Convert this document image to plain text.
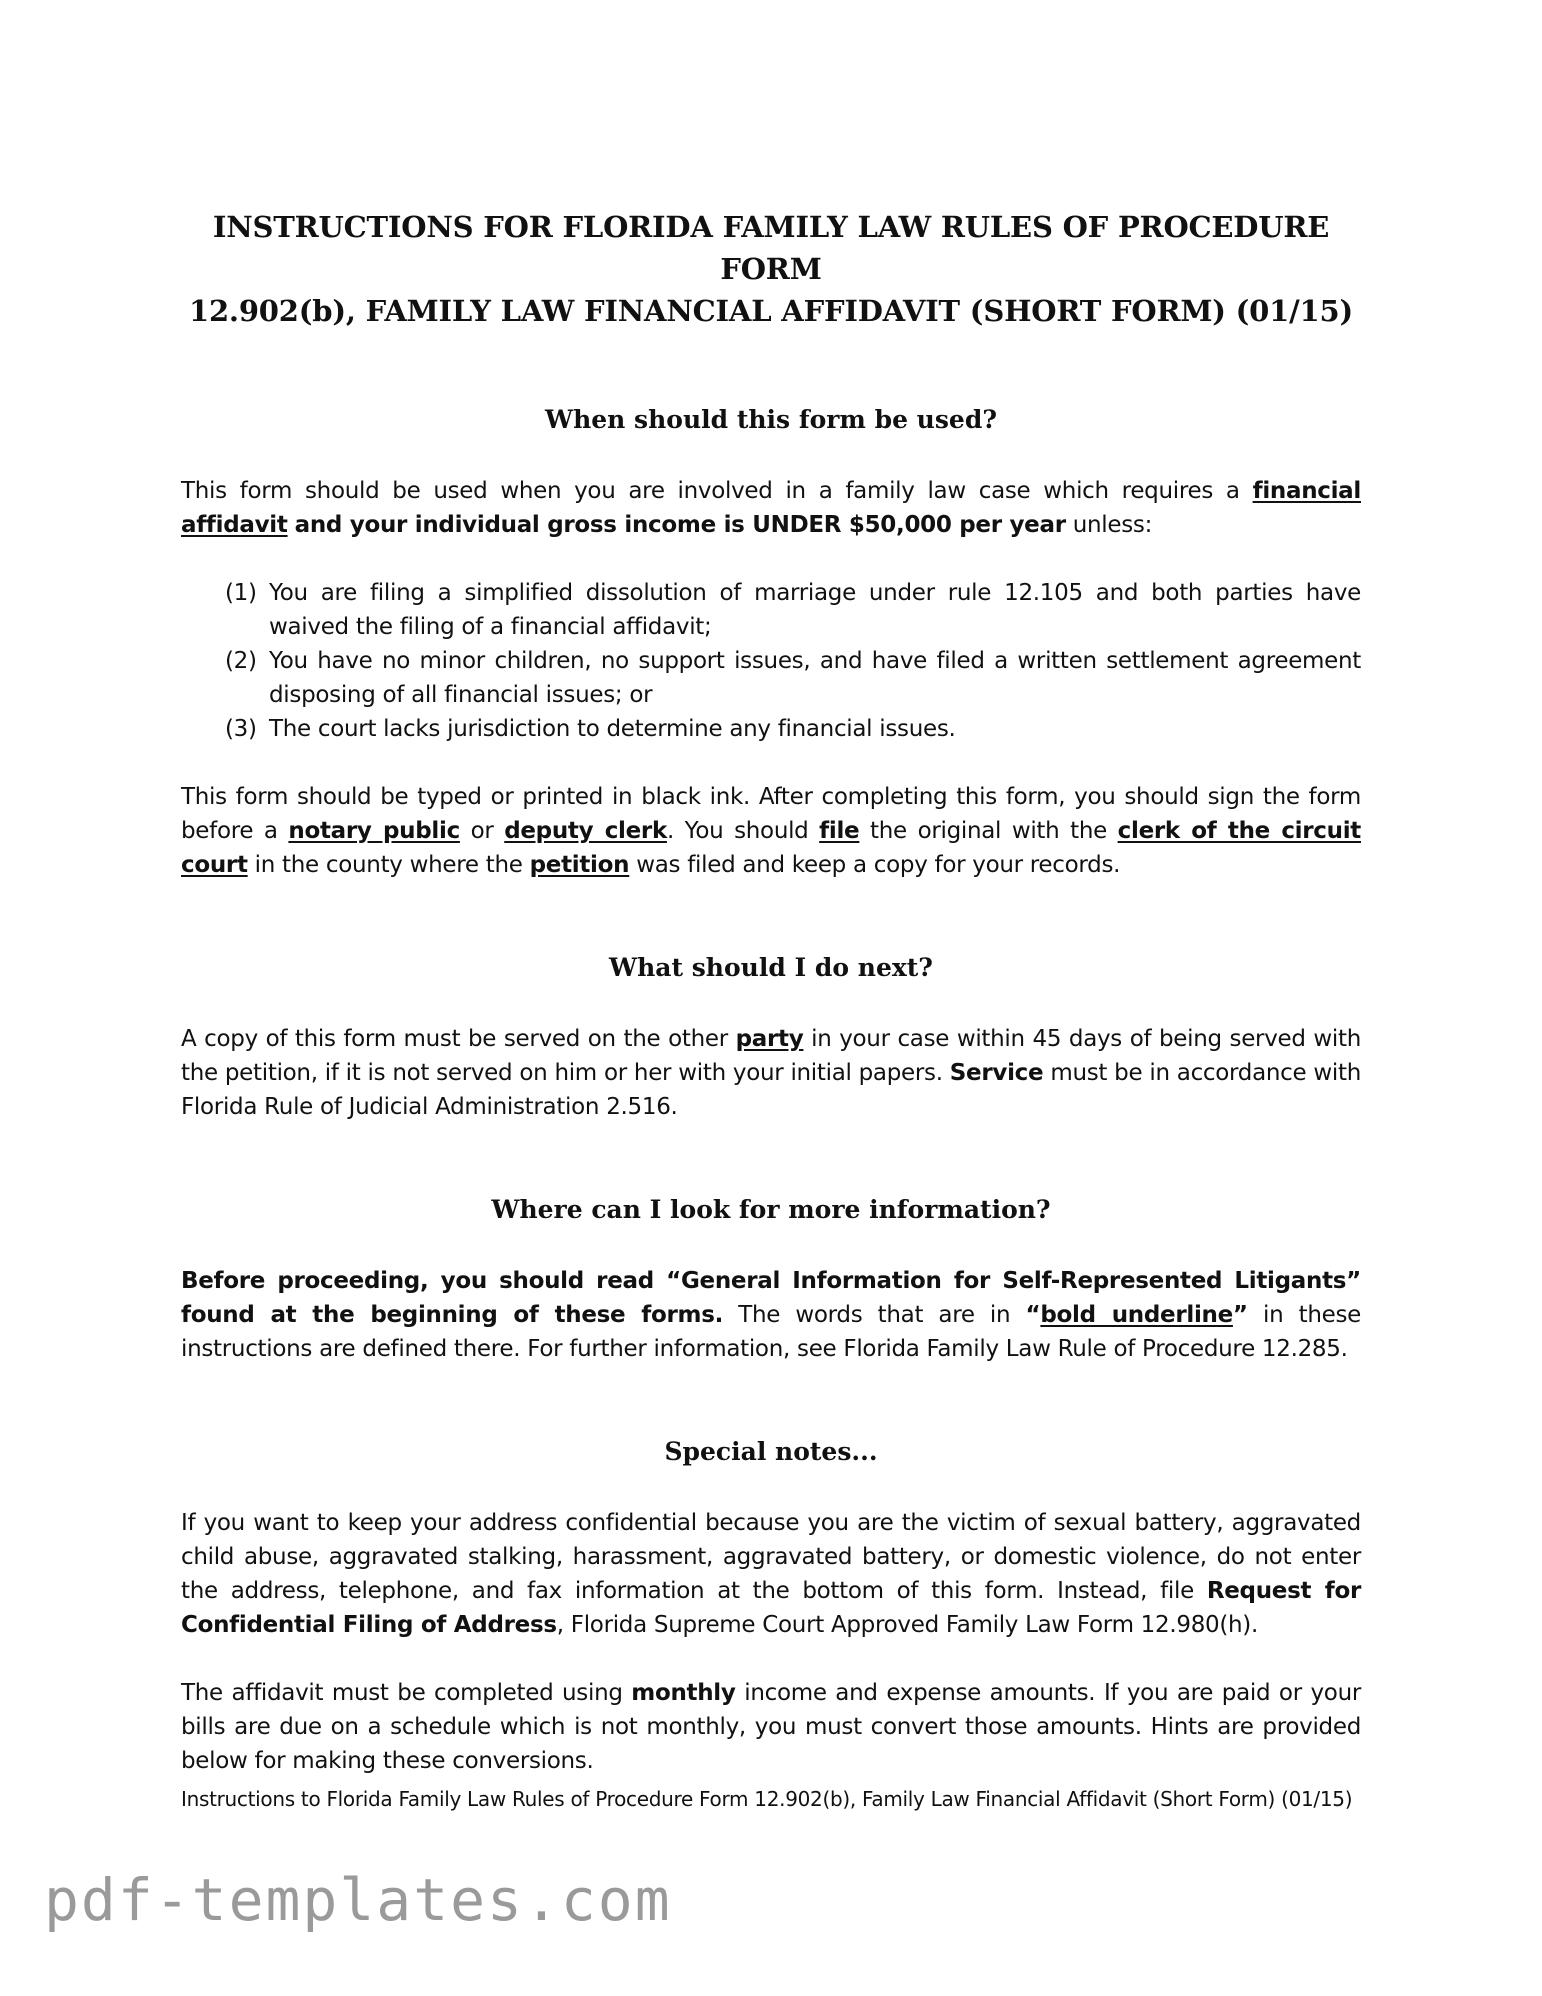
INSTRUCTIONS FOR FLORIDA FAMILY LAW RULES OF PROCEDURE FORM
12.902(b), FAMILY LAW FINANCIAL AFFIDAVIT (SHORT FORM) (01/15)
When should this form be used?

This form should be used when you are involved in a family law case which requires a financial affidavit and your individual gross income is UNDER $50,000 per year unless:

(1) You are filing a simplified dissolution of marriage under rule 12.105 and both parties have waived the filing of a financial affidavit;
(2) You have no minor children, no support issues, and have filed a written settlement agreement disposing of all financial issues; or
(3) The court lacks jurisdiction to determine any financial issues.

This form should be typed or printed in black ink. After completing this form, you should sign the form before a notary public or deputy clerk. You should file the original with the clerk of the circuit court in the county where the petition was filed and keep a copy for your records.

What should I do next?

A copy of this form must be served on the other party in your case within 45 days of being served with the petition, if it is not served on him or her with your initial papers. Service must be in accordance with Florida Rule of Judicial Administration 2.516.

Where can I look for more information?

Before proceeding, you should read “General Information for Self-Represented Litigants” found at the beginning of these forms. The words that are in “bold underline” in these instructions are defined there. For further information, see Florida Family Law Rule of Procedure 12.285.

Special notes...

If you want to keep your address confidential because you are the victim of sexual battery, aggravated child abuse, aggravated stalking, harassment, aggravated battery, or domestic violence, do not enter the address, telephone, and fax information at the bottom of this form. Instead, file Request for Confidential Filing of Address, Florida Supreme Court Approved Family Law Form 12.980(h).

The affidavit must be completed using monthly income and expense amounts. If you are paid or your bills are due on a schedule which is not monthly, you must convert those amounts. Hints are provided below for making these conversions.

Instructions to Florida Family Law Rules of Procedure Form 12.902(b), Family Law Financial Affidavit (Short Form) (01/15)
pdf-templates.com
